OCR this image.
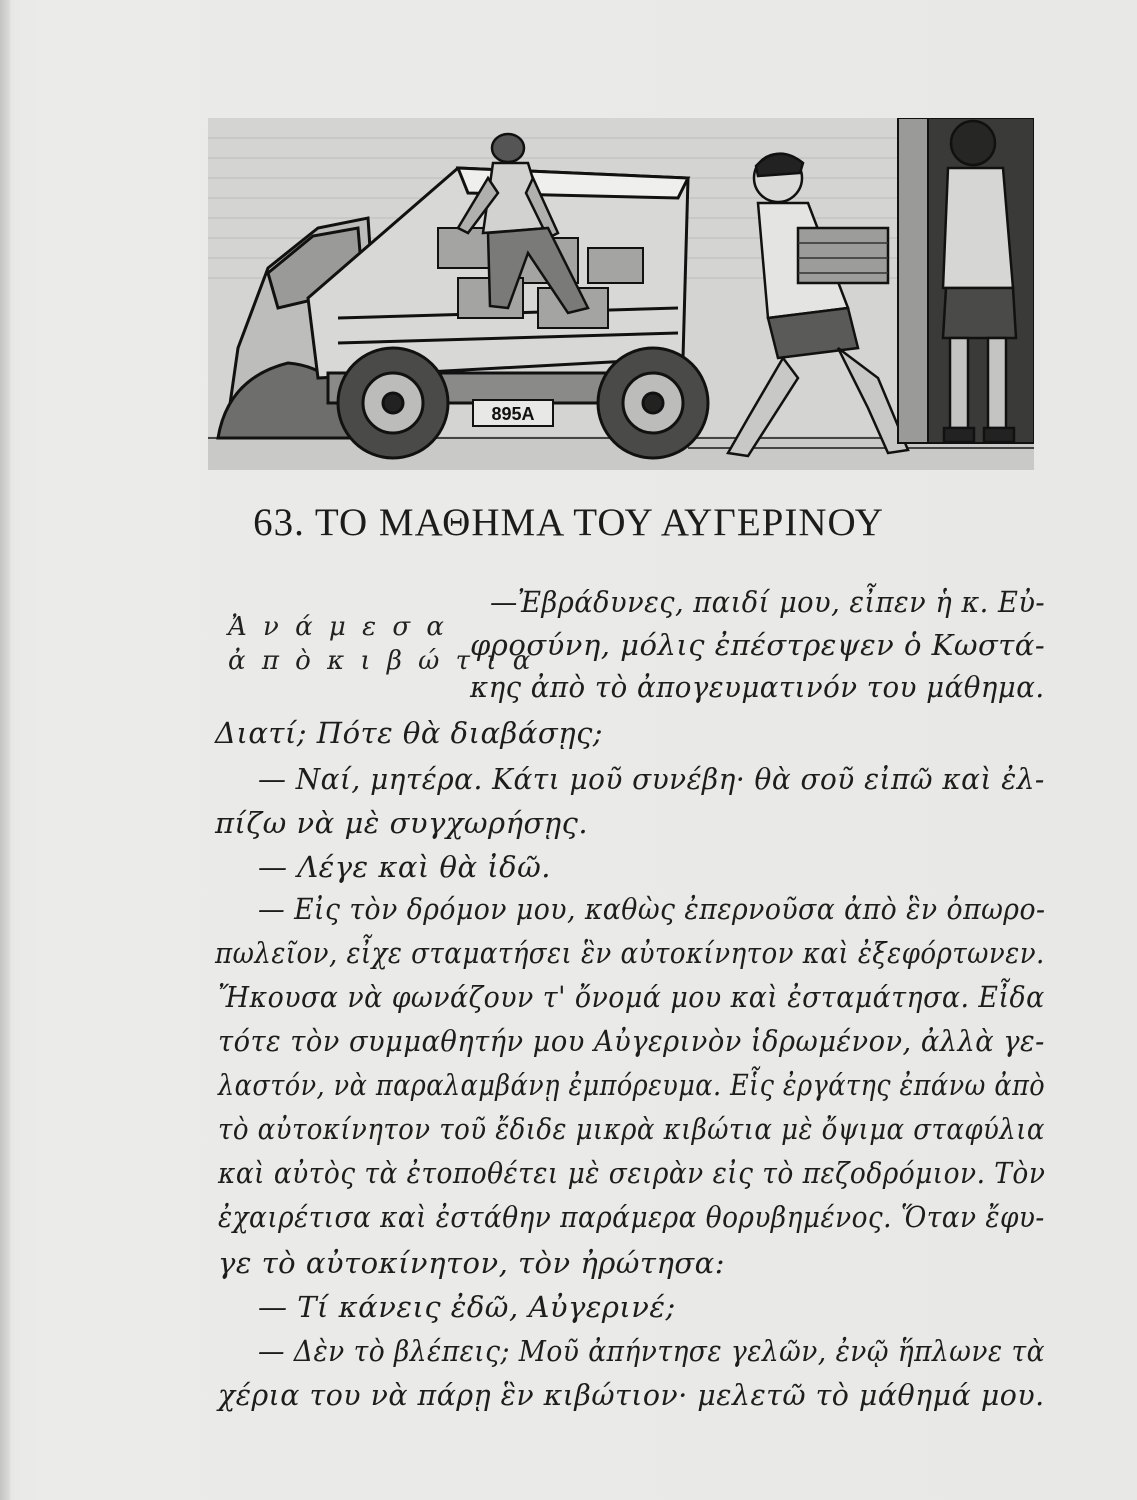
895Α
63. ΤΟ ΜΑΘΗΜΑ ΤΟΥ ΑΥΓΕΡΙΝΟΥ
Ἀ ν ά μ ε σ α
ἀ π ὸ κ ι β ώ τ ι α
—Ἐβράδυνες, παιδί μου, εἶπεν ἡ κ. Εὐ-
φροσύνη, μόλις ἐπέστρεψεν ὁ Κωστά-
κης ἀπὸ τὸ ἀπογευματινόν του μάθημα.
Διατί; Πότε θὰ διαβάσῃς;
— Ναί, μητέρα. Κάτι μοῦ συνέβη· θὰ σοῦ εἰπῶ καὶ ἐλ-
πίζω νὰ μὲ συγχωρήσῃς.
— Λέγε καὶ θὰ ἰδῶ.
— Εἰς τὸν δρόμον μου, καθὼς ἐπερνοῦσα ἀπὸ ἓν ὀπωρο-
πωλεῖον, εἶχε σταματήσει ἓν αὐτοκίνητον καὶ ἐξεφόρτωνεν.
Ἤκουσα νὰ φωνάζουν τ' ὄνομά μου καὶ ἐσταμάτησα. Εἶδα
τότε τὸν συμμαθητήν μου Αὐγερινὸν ἱδρωμένον, ἀλλὰ γε-
λαστόν, νὰ παραλαμβάνῃ ἐμπόρευμα. Εἷς ἐργάτης ἐπάνω ἀπὸ
τὸ αὐτοκίνητον τοῦ ἔδιδε μικρὰ κιβώτια μὲ ὄψιμα σταφύλια
καὶ αὐτὸς τὰ ἐτοποθέτει μὲ σειρὰν εἰς τὸ πεζοδρόμιον. Τὸν
ἐχαιρέτισα καὶ ἐστάθην παράμερα θορυβημένος. Ὅταν ἔφυ-
γε τὸ αὐτοκίνητον, τὸν ἠρώτησα:
— Τί κάνεις ἐδῶ, Αὐγερινέ;
— Δὲν τὸ βλέπεις; Μοῦ ἀπήντησε γελῶν, ἐνῷ ἥπλωνε τὰ
χέρια του νὰ πάρῃ ἓν κιβώτιον· μελετῶ τὸ μάθημά μου.
